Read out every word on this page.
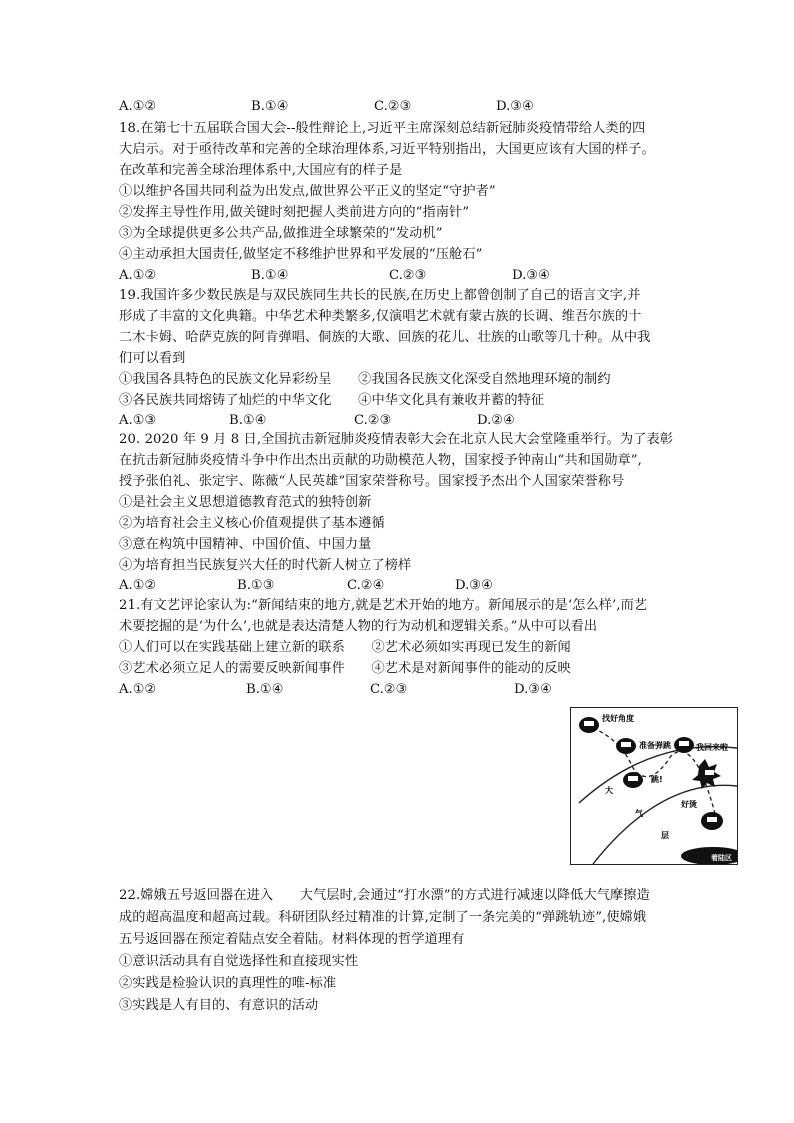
A.①②	B.①④	C.②③	D.③④
18.在第七十五届联合国大会--般性辩论上,习近平主席深刻总结新冠肺炎疫情带给人类的四
大启示。对于亟待改革和完善的全球治理体系,习近平特别指出，大国更应该有大国的样子。
在改革和完善全球治理体系中,大国应有的样子是
①以维护各国共同利益为出发点,做世界公平正义的坚定“守护者”
②发挥主导性作用,做关键时刻把握人类前进方向的“指南针”
③为全球提供更多公共产品,做推进全球繁荣的“发动机”
④主动承担大国责任,做坚定不移维护世界和平发展的“压舱石”
A.①②	B.①④	C.②③	D.③④
19.我国许多少数民族是与双民族同生共长的民族,在历史上都曾创制了自己的语言文字,并
形成了丰富的文化典籍。中华艺术种类繁多,仅演唱艺术就有蒙古族的长调、维吾尔族的十
二木卡姆、哈萨克族的阿肯弹唱、侗族的大歌、回族的花儿、壮族的山歌等几十种。从中我
们可以看到
①我国各具特色的民族文化异彩纷呈　　②我国各民族文化深受自然地理环境的制约
③各民族共同熔铸了灿烂的中华文化　　④中华文化具有兼收并蓄的特征
A.①③	B.①④	C.②③	D.②④
20. 2020 年 9 月 8 日,全国抗击新冠肺炎疫情表彰大会在北京人民大会堂隆重举行。为了表彰
在抗击新冠肺炎疫情斗争中作出杰出贡献的功勋模范人物，国家授予钟南山“共和国勋章”,
授予张伯礼、张定宇、陈薇“人民英雄”国家荣誉称号。国家授予杰出个人国家荣誉称号
①是社会主义思想道德教育范式的独特创新
②为培育社会主义核心价值观提供了基本遵循
③意在构筑中国精神、中国价值、中国力量
④为培育担当民族复兴大任的时代新人树立了榜样
A.①②	B.①③	C.②④	D.③④
21.有文艺评论家认为:“新闻结束的地方,就是艺术开始的地方。新闻展示的是‘怎么样’,而艺
术要挖掘的是‘为什么’,也就是表达清楚人物的行为动机和逻辑关系。”从中可以看出
①人们可以在实践基础上建立新的联系　　②艺术必须如实再现已发生的新闻
③艺术必须立足人的需要反映新闻事件　　④艺术是对新闻事件的能动的反映
A.①②	B.①④	C.②③	D.③④
找好角度
准备弹跳	我回来啦
跳!
好烫
大
气
层
着陆区
22.嫦娥五号返回器在进入　　大气层时,会通过“打水漂”的方式进行减速以降低大气摩擦造
成的超高温度和超高过载。科研团队经过精准的计算,定制了一条完美的“弹跳轨迹”,使嫦娥
五号返回器在预定着陆点安全着陆。材料体现的哲学道理有
①意识活动具有自觉选择性和直接现实性
②实践是检验认识的真理性的唯-标准
③实践是人有目的、有意识的活动
